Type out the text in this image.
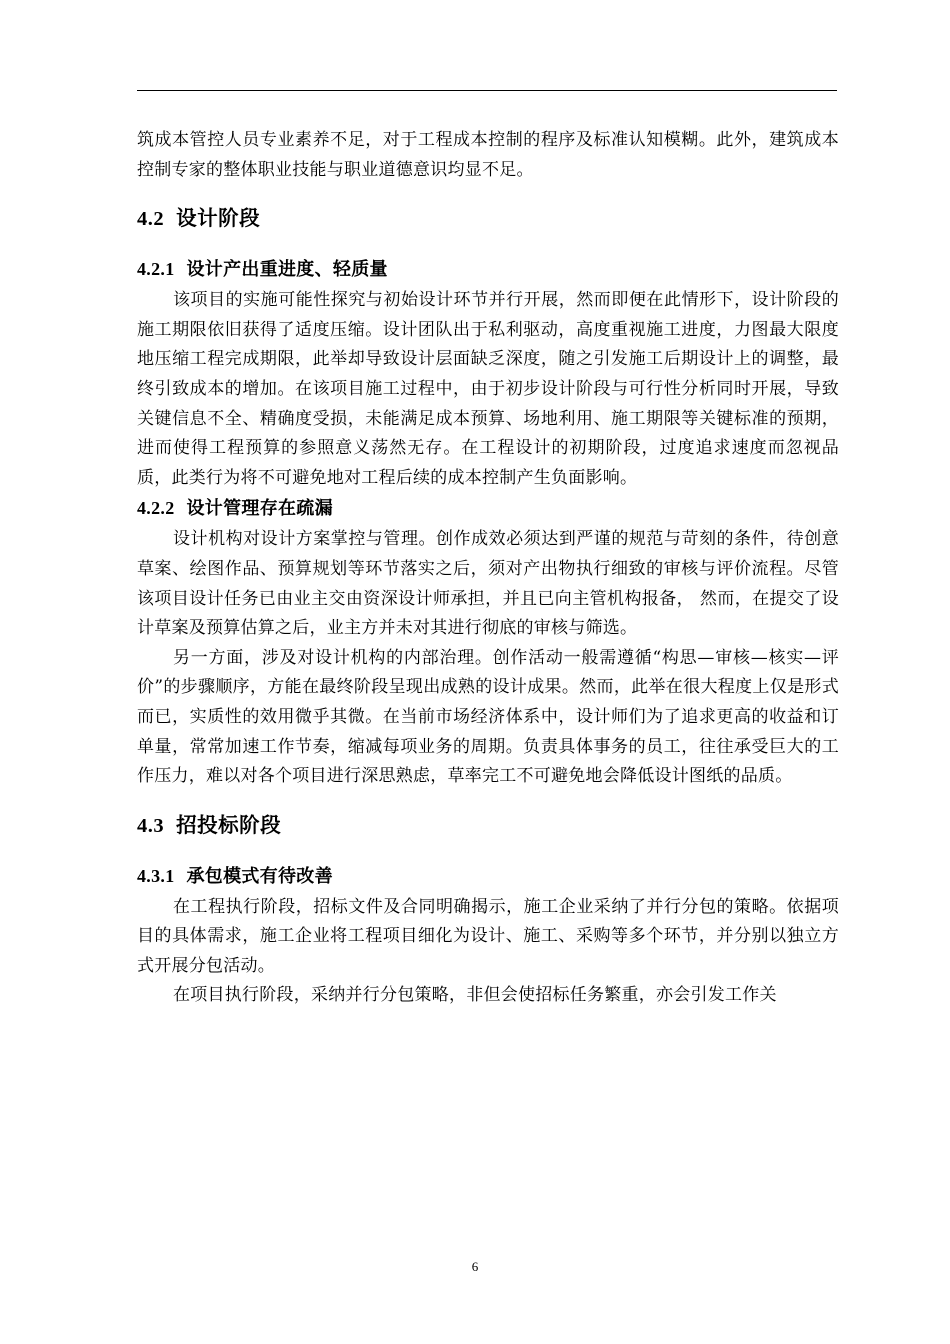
筑成本管控人员专业素养不足，对于工程成本控制的程序及标准认知模糊。此外，建筑成本控制专家的整体职业技能与职业道德意识均显不足。

4.2 设计阶段
4.2.1 设计产出重进度、轻质量

该项目的实施可能性探究与初始设计环节并行开展，然而即便在此情形下，设计阶段的施工期限依旧获得了适度压缩。设计团队出于私利驱动，高度重视施工进度，力图最大限度地压缩工程完成期限，此举却导致设计层面缺乏深度，随之引发施工后期设计上的调整，最终引致成本的增加。在该项目施工过程中，由于初步设计阶段与可行性分析同时开展，导致关键信息不全、精确度受损，未能满足成本预算、场地利用、施工期限等关键标准的预期，进而使得工程预算的参照意义荡然无存。在工程设计的初期阶段，过度追求速度而忽视品质，此类行为将不可避免地对工程后续的成本控制产生负面影响。

4.2.2 设计管理存在疏漏

设计机构对设计方案掌控与管理。创作成效必须达到严谨的规范与苛刻的条件，待创意草案、绘图作品、预算规划等环节落实之后，须对产出物执行细致的审核与评价流程。尽管该项目设计任务已由业主交由资深设计师承担，并且已向主管机构报备， 然而，在提交了设计草案及预算估算之后，业主方并未对其进行彻底的审核与筛选。

另一方面，涉及对设计机构的内部治理。创作活动一般需遵循“构思—审核—核实—评价”的步骤顺序，方能在最终阶段呈现出成熟的设计成果。然而，此举在很大程度上仅是形式而已，实质性的效用微乎其微。在当前市场经济体系中，设计师们为了追求更高的收益和订单量，常常加速工作节奏，缩减每项业务的周期。负责具体事务的员工，往往承受巨大的工作压力，难以对各个项目进行深思熟虑，草率完工不可避免地会降低设计图纸的品质。

4.3 招投标阶段
4.3.1 承包模式有待改善

在工程执行阶段，招标文件及合同明确揭示，施工企业采纳了并行分包的策略。依据项目的具体需求，施工企业将工程项目细化为设计、施工、采购等多个环节，并分别以独立方式开展分包活动。

在项目执行阶段，采纳并行分包策略，非但会使招标任务繁重，亦会引发工作关

6
